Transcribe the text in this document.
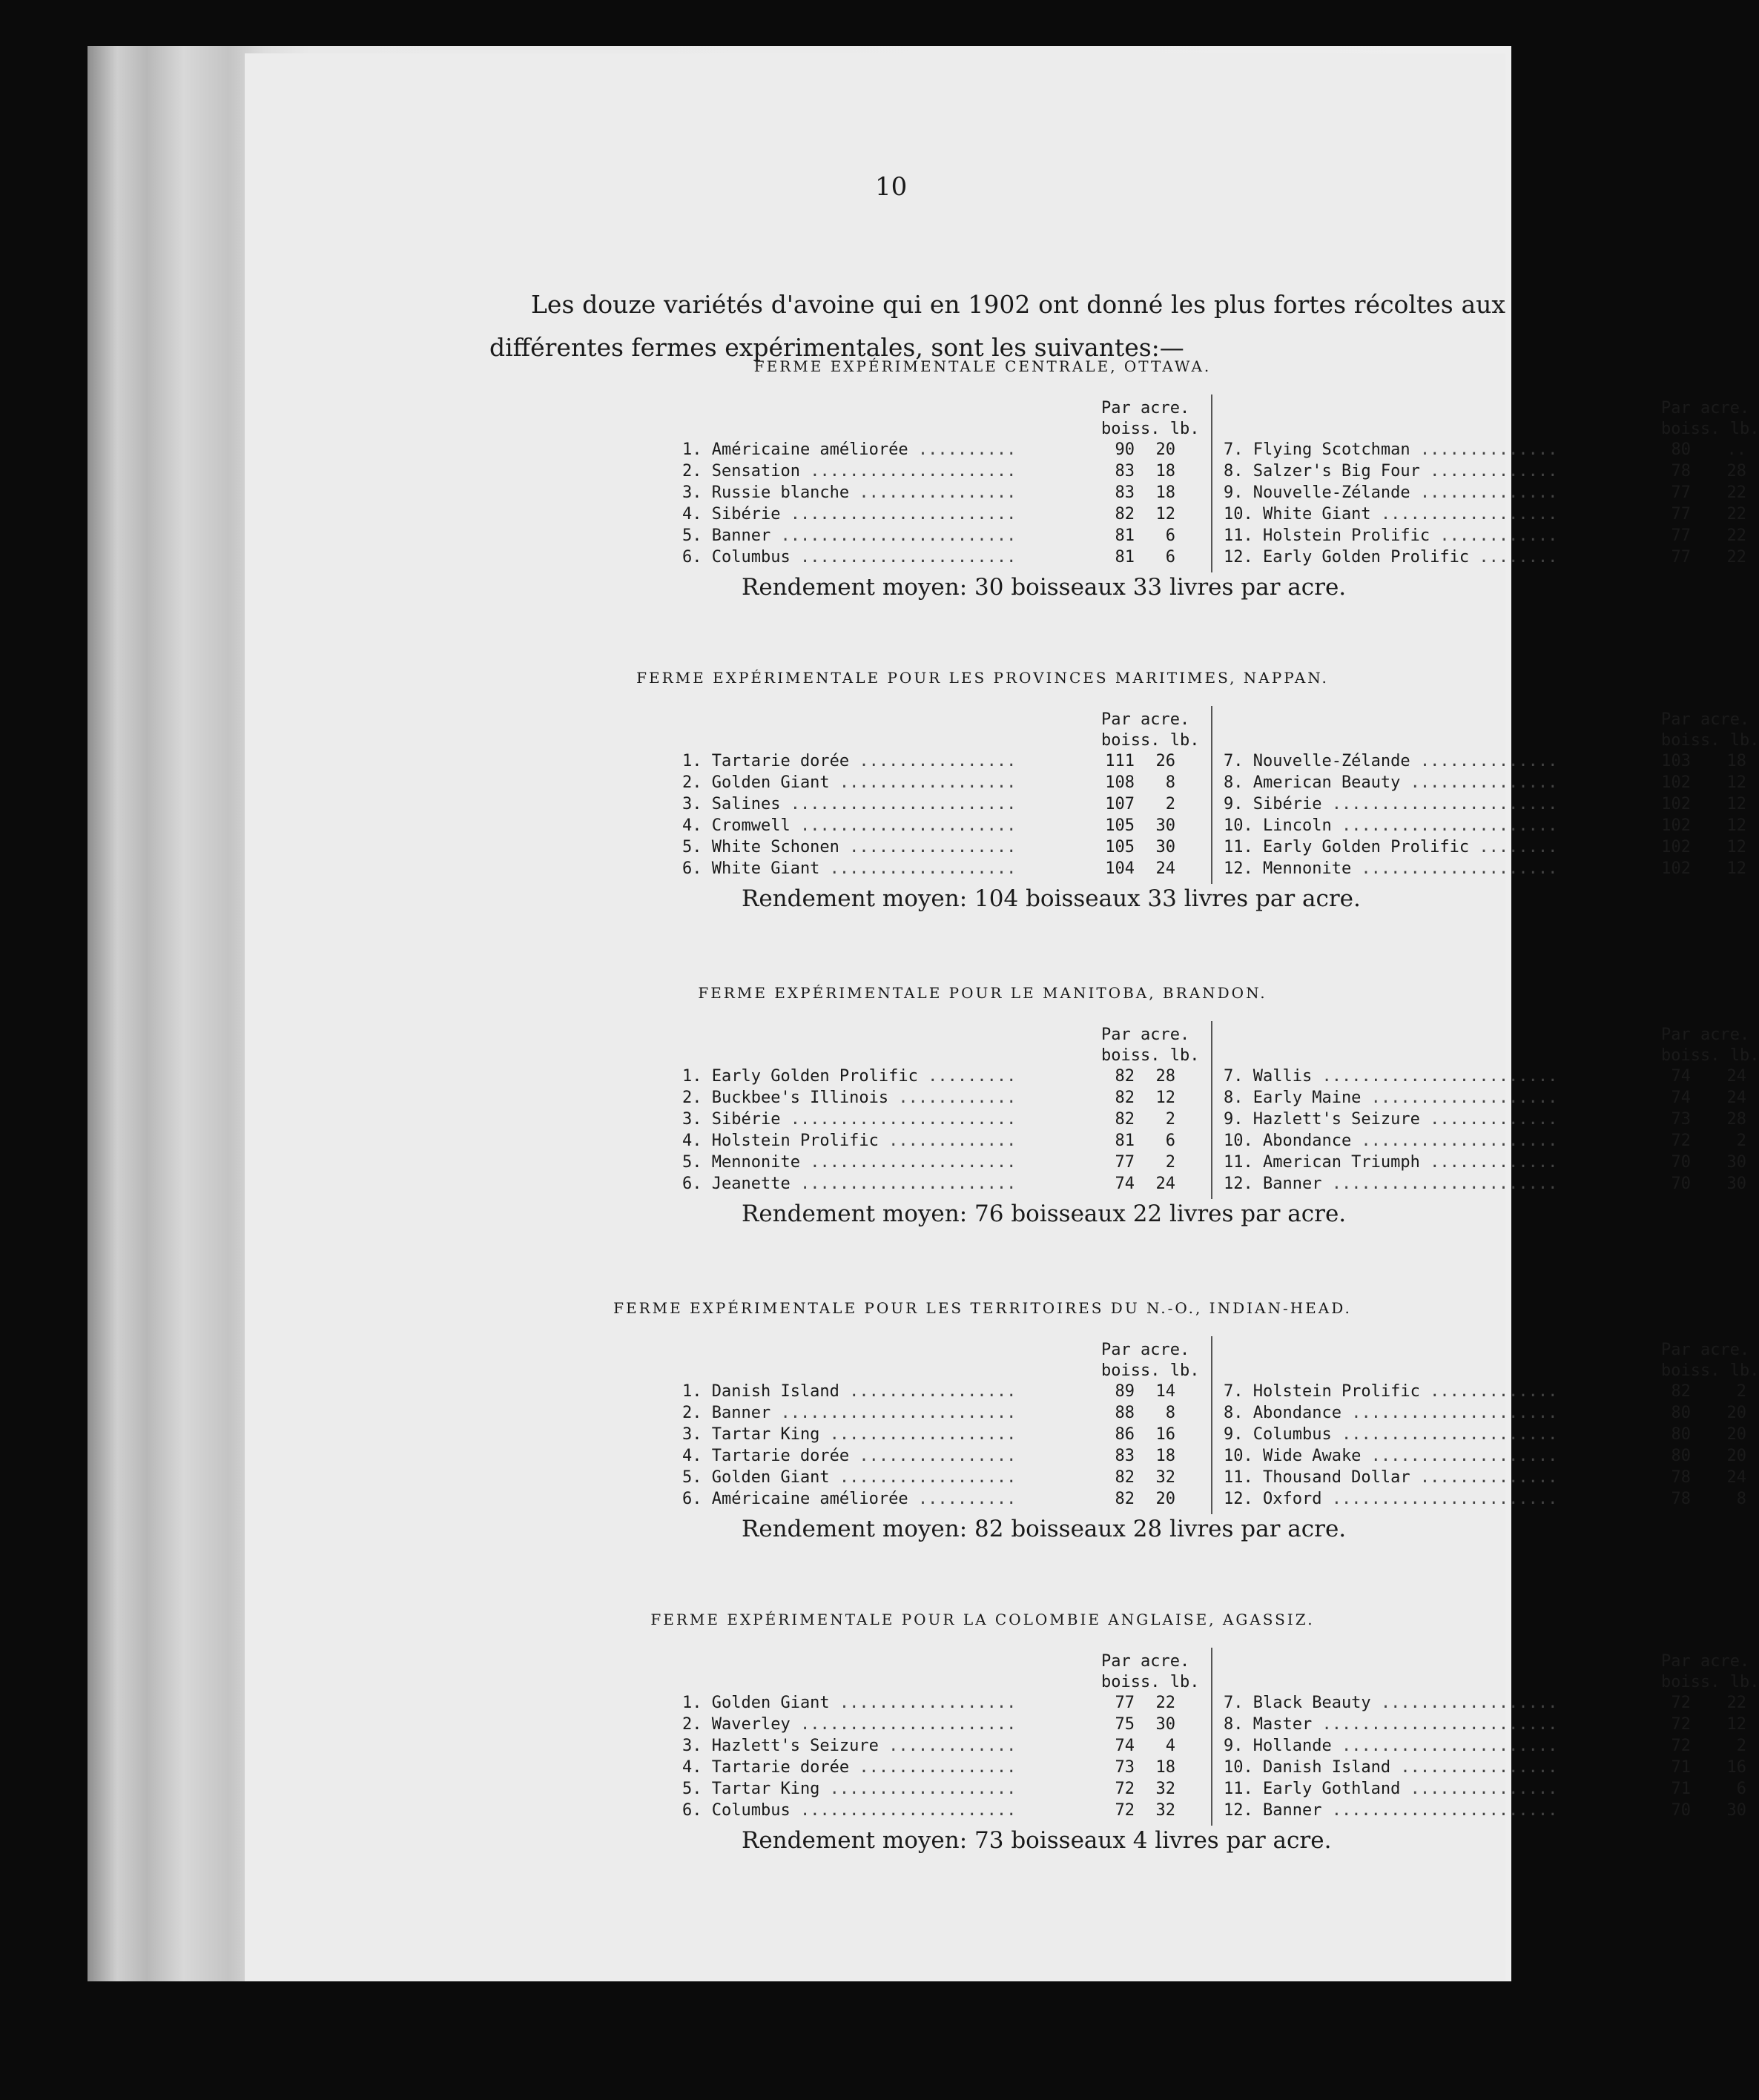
10
Les douze variétés d'avoine qui en 1902 ont donné les plus fortes récoltes aux différentes fermes expérimentales, sont les suivantes:—
FERME EXPÉRIMENTALE CENTRALE, OTTAWA.
Par acre.
boiss. lb.
1. Américaine améliorée ..........	90	20
2. Sensation .....................	83	18
3. Russie blanche ................	83	18
4. Sibérie .......................	82	12
5. Banner ........................	81	6
6. Columbus ......................	81	6
Par acre.
boiss. lb.
7. Flying Scotchman ..............	80	..
8. Salzer's Big Four .............	78	28
9. Nouvelle-Zélande ..............	77	22
10. White Giant ..................	77	22
11. Holstein Prolific ............	77	22
12. Early Golden Prolific ........	77	22
Rendement moyen: 30 boisseaux 33 livres par acre.
FERME EXPÉRIMENTALE POUR LES PROVINCES MARITIMES, NAPPAN.
Par acre.
boiss. lb.
1. Tartarie dorée ................	111	26
2. Golden Giant ..................	108	8
3. Salines .......................	107	2
4. Cromwell ......................	105	30
5. White Schonen .................	105	30
6. White Giant ...................	104	24
Par acre.
boiss. lb.
7. Nouvelle-Zélande ..............	103	18
8. American Beauty ...............	102	12
9. Sibérie .......................	102	12
10. Lincoln ......................	102	12
11. Early Golden Prolific ........	102	12
12. Mennonite ....................	102	12
Rendement moyen: 104 boisseaux 33 livres par acre.
FERME EXPÉRIMENTALE POUR LE MANITOBA, BRANDON.
Par acre.
boiss. lb.
1. Early Golden Prolific .........	82	28
2. Buckbee's Illinois ............	82	12
3. Sibérie .......................	82	2
4. Holstein Prolific .............	81	6
5. Mennonite .....................	77	2
6. Jeanette ......................	74	24
Par acre.
boiss. lb.
7. Wallis ........................	74	24
8. Early Maine ...................	74	24
9. Hazlett's Seizure .............	73	28
10. Abondance ....................	72	2
11. American Triumph .............	70	30
12. Banner .......................	70	30
Rendement moyen: 76 boisseaux 22 livres par acre.
FERME EXPÉRIMENTALE POUR LES TERRITOIRES DU N.-O., INDIAN-HEAD.
Par acre.
boiss. lb.
1. Danish Island .................	89	14
2. Banner ........................	88	8
3. Tartar King ...................	86	16
4. Tartarie dorée ................	83	18
5. Golden Giant ..................	82	32
6. Américaine améliorée ..........	82	20
Par acre.
boiss. lb.
7. Holstein Prolific .............	82	2
8. Abondance .....................	80	20
9. Columbus ......................	80	20
10. Wide Awake ...................	80	20
11. Thousand Dollar ..............	78	24
12. Oxford .......................	78	8
Rendement moyen: 82 boisseaux 28 livres par acre.
FERME EXPÉRIMENTALE POUR LA COLOMBIE ANGLAISE, AGASSIZ.
Par acre.
boiss. lb.
1. Golden Giant ..................	77	22
2. Waverley ......................	75	30
3. Hazlett's Seizure .............	74	4
4. Tartarie dorée ................	73	18
5. Tartar King ...................	72	32
6. Columbus ......................	72	32
Par acre.
boiss. lb.
7. Black Beauty ..................	72	22
8. Master ........................	72	12
9. Hollande ......................	72	2
10. Danish Island ................	71	16
11. Early Gothland ...............	71	6
12. Banner .......................	70	30
Rendement moyen: 73 boisseaux 4 livres par acre.
